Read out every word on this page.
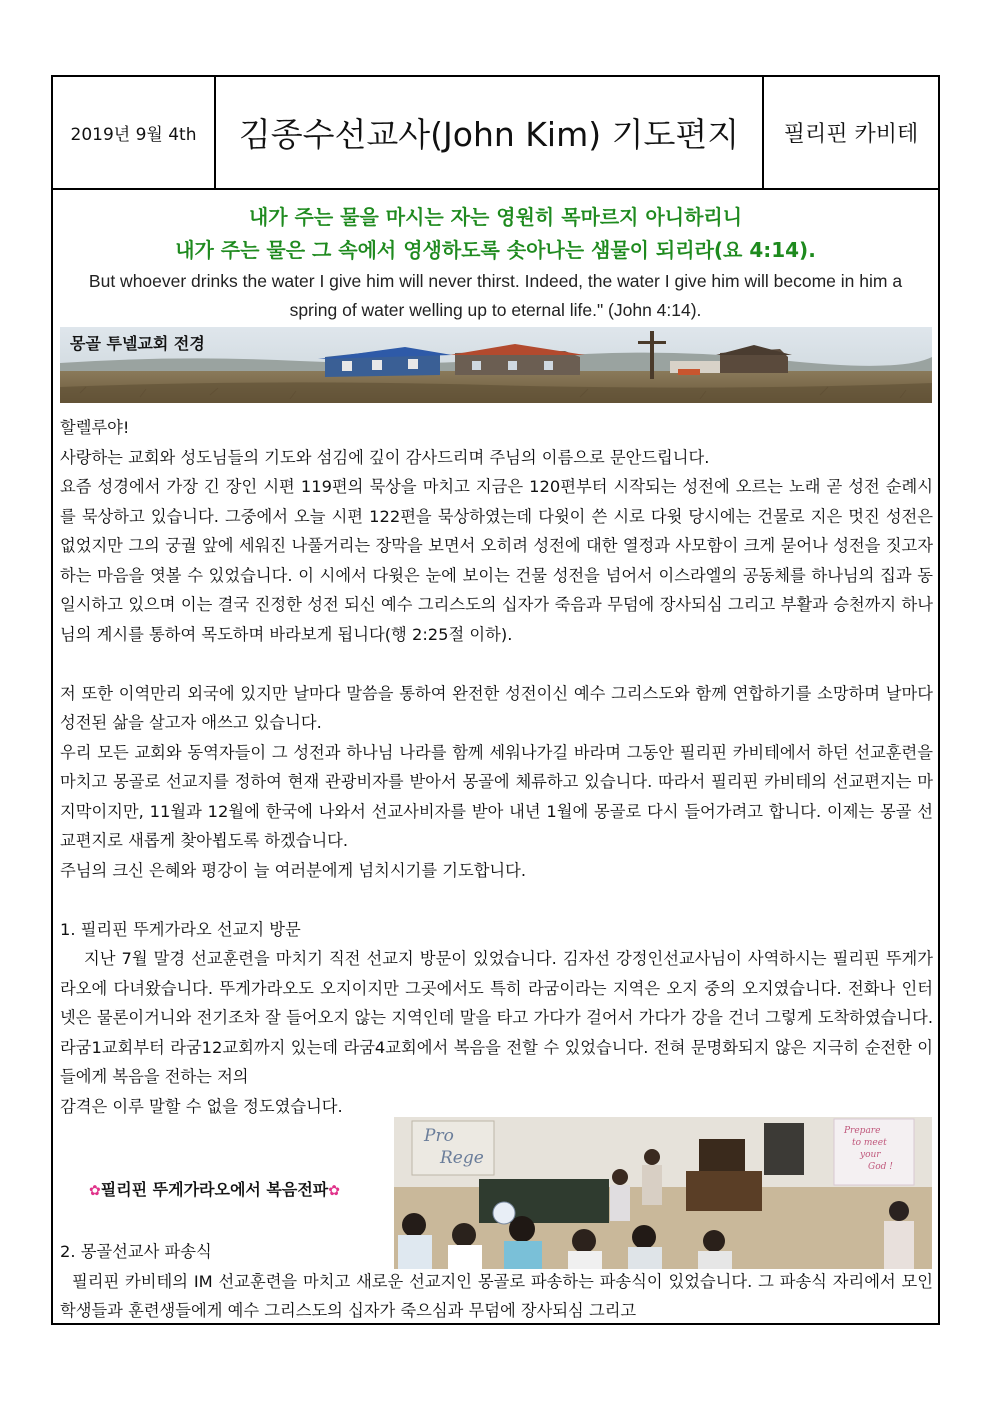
2019년 9월 4th	김종수선교사(John Kim) 기도편지	필리핀 카비테
내가 주는 물을 마시는 자는 영원히 목마르지 아니하리니
내가 주는 물은 그 속에서 영생하도록 솟아나는 샘물이 되리라(요 4:14).
But whoever drinks the water I give him will never thirst. Indeed, the water I give him will become in him a spring of water welling up to eternal life." (John 4:14).
몽골 투넬교회 전경

할렐루야!

사랑하는 교회와 성도님들의 기도와 섬김에 깊이 감사드리며 주님의 이름으로 문안드립니다.

요즘 성경에서 가장 긴 장인 시편 119편의 묵상을 마치고 지금은 120편부터 시작되는 성전에 오르는 노래 곧 성전 순례시를 묵상하고 있습니다. 그중에서 오늘 시편 122편을 묵상하였는데 다윗이 쓴 시로 다윗 당시에는 건물로 지은 멋진 성전은 없었지만 그의 궁궐 앞에 세워진 나풀거리는 장막을 보면서 오히려 성전에 대한 열정과 사모함이 크게 묻어나 성전을 짓고자 하는 마음을 엿볼 수 있었습니다. 이 시에서 다윗은 눈에 보이는 건물 성전을 넘어서 이스라엘의 공동체를 하나님의 집과 동일시하고 있으며 이는 결국 진정한 성전 되신 예수 그리스도의 십자가 죽음과 무덤에 장사되심 그리고 부활과 승천까지 하나님의 계시를 통하여 목도하며 바라보게 됩니다(행 2:25절 이하).

저 또한 이역만리 외국에 있지만 날마다 말씀을 통하여 완전한 성전이신 예수 그리스도와 함께 연합하기를 소망하며 날마다 성전된 삶을 살고자 애쓰고 있습니다.

우리 모든 교회와 동역자들이 그 성전과 하나님 나라를 함께 세워나가길 바라며 그동안 필리핀 카비테에서 하던 선교훈련을 마치고 몽골로 선교지를 정하여 현재 관광비자를 받아서 몽골에 체류하고 있습니다. 따라서 필리핀 카비테의 선교편지는 마지막이지만, 11월과 12월에 한국에 나와서 선교사비자를 받아 내년 1월에 몽골로 다시 들어가려고 합니다. 이제는 몽골 선교편지로 새롭게 찾아뵙도록 하겠습니다.

주님의 크신 은혜와 평강이 늘 여러분에게 넘치시기를 기도합니다.

1. 필리핀 뚜게가라오 선교지 방문

지난 7월 말경 선교훈련을 마치기 직전 선교지 방문이 있었습니다. 김자선 강정인선교사님이 사역하시는 필리핀 뚜게가라오에 다녀왔습니다. 뚜게가라오도 오지이지만 그곳에서도 특히 라굼이라는 지역은 오지 중의 오지였습니다. 전화나 인터넷은 물론이거니와 전기조차 잘 들어오지 않는 지역인데 말을 타고 가다가 걸어서 가다가 강을 건너 그렇게 도착하였습니다. 라굼1교회부터 라굼12교회까지 있는데 라굼4교회에서 복음을 전할 수 있었습니다. 전혀 문명화되지 않은 지극히 순전한 이들에게 복음을 전하는 저의

감격은 이루 말할 수 없을 정도였습니다.

✿필리핀 뚜게가라오에서 복음전파✿
Pro
Rege
Prepare
to meet
your
God !

2. 몽골선교사 파송식

필리핀 카비테의 IM 선교훈련을 마치고 새로운 선교지인 몽골로 파송하는 파송식이 있었습니다. 그 파송식 자리에서 모인 학생들과 훈련생들에게 예수 그리스도의 십자가 죽으심과 무덤에 장사되심 그리고
